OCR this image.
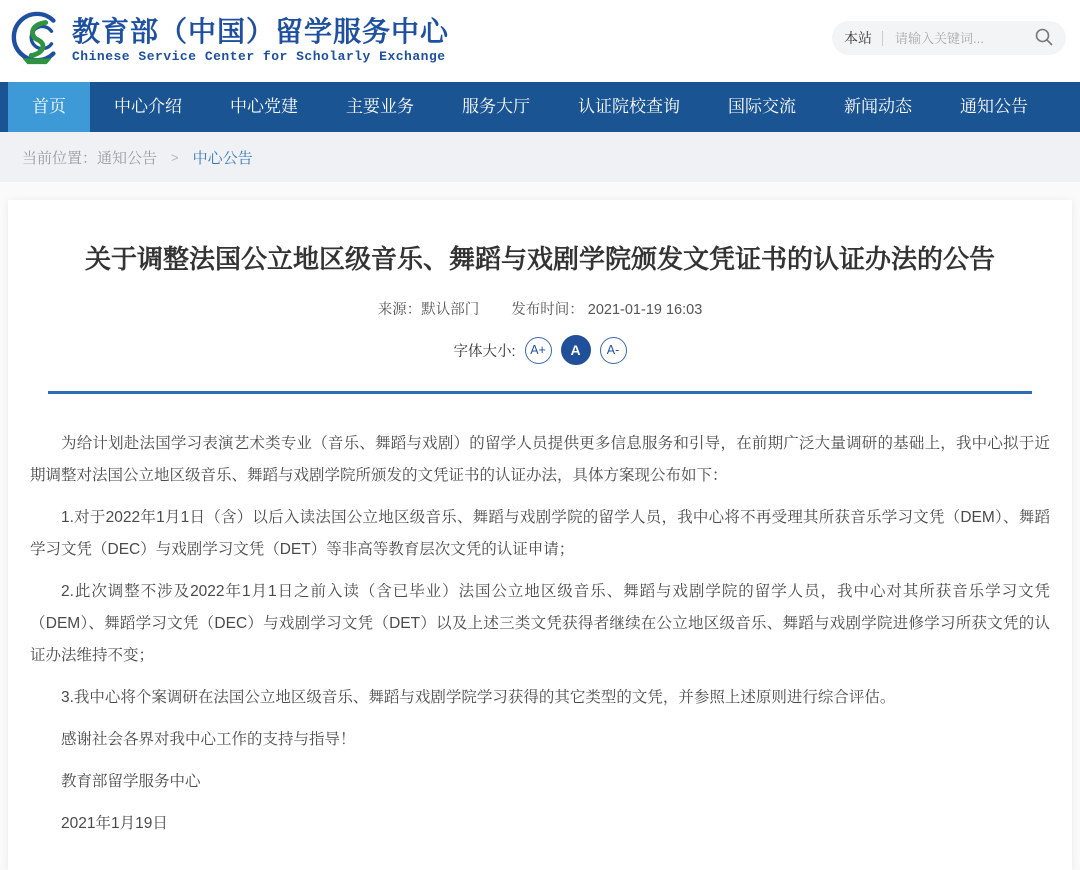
教育部（中国）留学服务中心
Chinese Service Center for Scholarly Exchange
本站
请输入关键词...
首页	中心介绍	中心党建	主要业务	服务大厅	认证院校查询	国际交流	新闻动态	通知公告
当前位置： 通知公告 > 中心公告
关于调整法国公立地区级音乐、舞蹈与戏剧学院颁发文凭证书的认证办法的公告
来源：默认部门 发布时间： 2021-01-19 16:03
字体大小:	A+	A	A-

为给计划赴法国学习表演艺术类专业（音乐、舞蹈与戏剧）的留学人员提供更多信息服务和引导，在前期广泛大量调研的基础上，我中心拟于近期调整对法国公立地区级音乐、舞蹈与戏剧学院所颁发的文凭证书的认证办法，具体方案现公布如下：

1.对于2022年1月1日（含）以后入读法国公立地区级音乐、舞蹈与戏剧学院的留学人员，我中心将不再受理其所获音乐学习文凭（DEM）、舞蹈学习文凭（DEC）与戏剧学习文凭（DET）等非高等教育层次文凭的认证申请；

2.此次调整不涉及2022年1月1日之前入读（含已毕业）法国公立地区级音乐、舞蹈与戏剧学院的留学人员，我中心对其所获音乐学习文凭（DEM）、舞蹈学习文凭（DEC）与戏剧学习文凭（DET）以及上述三类文凭获得者继续在公立地区级音乐、舞蹈与戏剧学院进修学习所获文凭的认证办法维持不变；

3.我中心将个案调研在法国公立地区级音乐、舞蹈与戏剧学院学习获得的其它类型的文凭，并参照上述原则进行综合评估。

感谢社会各界对我中心工作的支持与指导！

教育部留学服务中心

2021年1月19日
